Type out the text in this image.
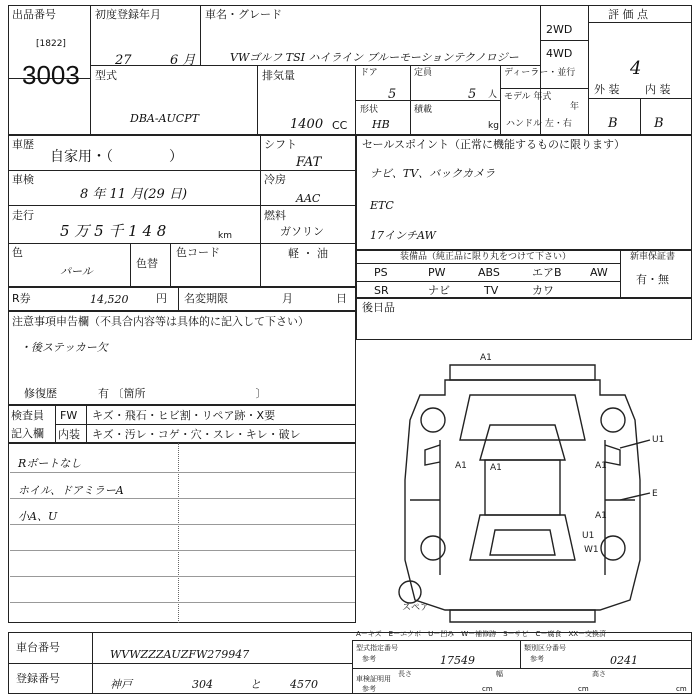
出品番号
[1822]
3003
初度登録年月
27	6 月
車名・グレード
VWゴルフ TSI ハイライン ブルーモーションテクノロジー
2WD
4WD
評 価 点
4
型式
DBA-AUCPT
排気量
1400 CC
ドア
5
定員
5 人
ディーラー・並行
形状
HB
積載
kg
モデル 年式
年
ハンドル 左・右
外 装 内 装
B	B
車歴
自家用・（　　　　）
シフト
FAT
車検
8 年 11 月(29 日)
冷房
AAC
走行
5 万 5 千 1 4 8	km
燃料
ガソリン
軽 ・ 油
色
パール
色替
色コード
セールスポイント（正常に機能するものに限ります）
ナビ、TV、バックカメラ
ETC
17インチAW
装備品（純正品に限り丸をつけて下さい）	新車保証書
有・無
PS	PW	ABS	エアB	AW
SR	ナビ	TV	カワ
後日品
R券	14,520	円 名変期限	月	日
注意事項申告欄（不具合内容等は具体的に記入して下さい）
・後ステッカー欠
修復歴	有 〔箇所　　　　　　　　　　〕
検査員
記入欄
FW キズ・飛石・ヒビ割・リペア跡・X要
内装 キズ・汚レ・コゲ・穴・スレ・キレ・破レ
Rボートなし
ホイル、ドアミラーA
小A、U
A1
A1
U1
A1	A1
E
A1
W1
U1
スペア
A－キズ　E－エクボ　U－凹み　W－補修跡　S－サビ　C－腐食　XX－交換済
車台番号
WVWZZZAUZFW279947
登録番号	神戸	304	と	4570
型式指定番号
参考	17549
類別区分番号
参考	0241
車検証明用
参考
長さ
cm
幅
cm
高さ
cm
